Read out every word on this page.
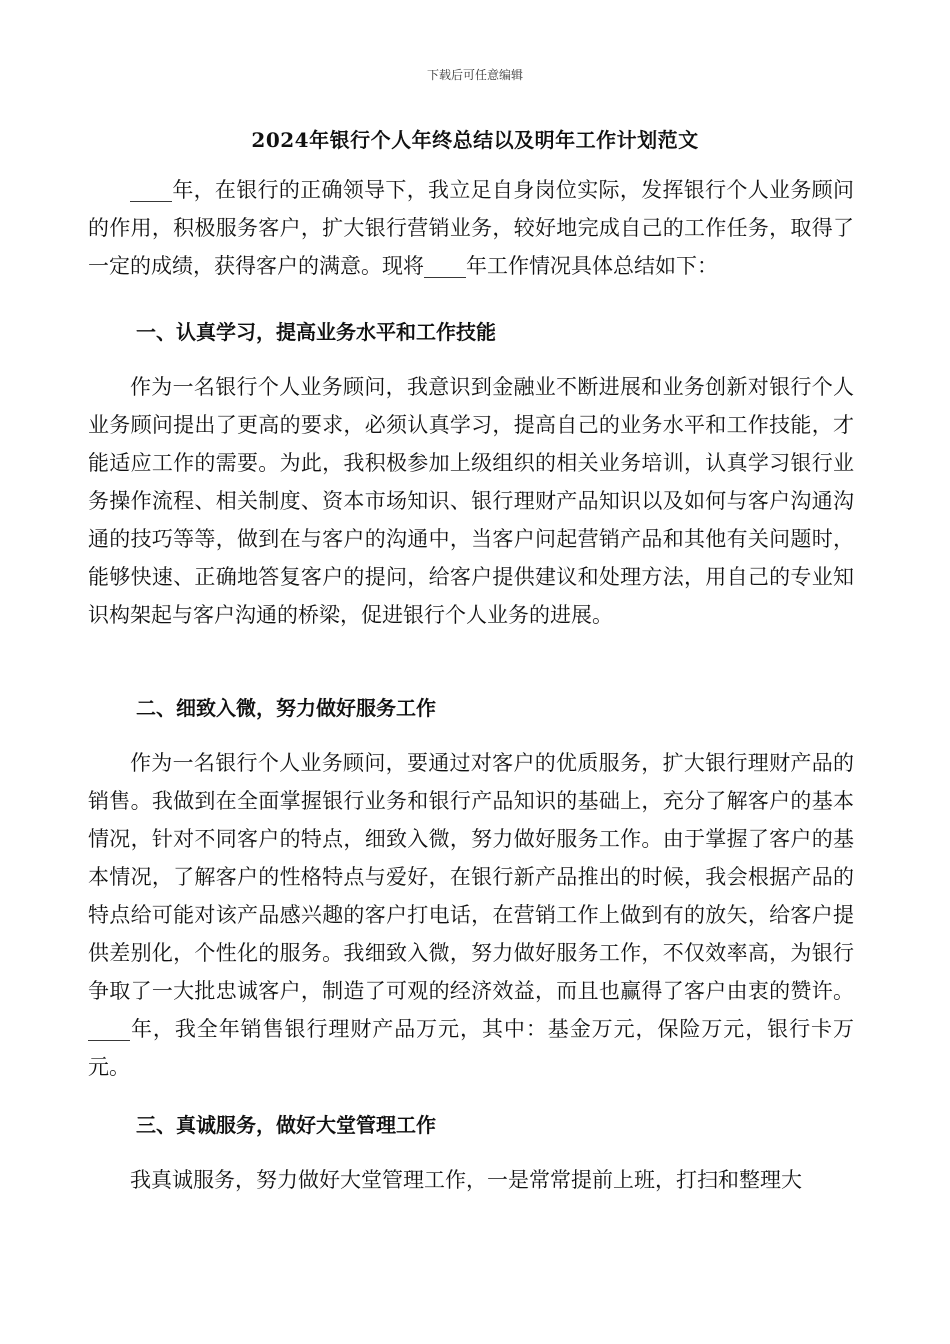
下载后可任意编辑
2024年银行个人年终总结以及明年工作计划范文

____年，在银行的正确领导下，我立足自身岗位实际，发挥银行个人业务顾问的作用，积极服务客户，扩大银行营销业务，较好地完成自己的工作任务，取得了一定的成绩，获得客户的满意。现将____年工作情况具体总结如下：

一、认真学习，提高业务水平和工作技能

作为一名银行个人业务顾问，我意识到金融业不断进展和业务创新对银行个人业务顾问提出了更高的要求，必须认真学习，提高自己的业务水平和工作技能，才能适应工作的需要。为此，我积极参加上级组织的相关业务培训，认真学习银行业务操作流程、相关制度、资本市场知识、银行理财产品知识以及如何与客户沟通沟通的技巧等等，做到在与客户的沟通中，当客户问起营销产品和其他有关问题时，能够快速、正确地答复客户的提问，给客户提供建议和处理方法，用自己的专业知识构架起与客户沟通的桥梁，促进银行个人业务的进展。

二、细致入微，努力做好服务工作

作为一名银行个人业务顾问，要通过对客户的优质服务，扩大银行理财产品的销售。我做到在全面掌握银行业务和银行产品知识的基础上，充分了解客户的基本情况，针对不同客户的特点，细致入微，努力做好服务工作。由于掌握了客户的基本情况，了解客户的性格特点与爱好，在银行新产品推出的时候，我会根据产品的特点给可能对该产品感兴趣的客户打电话，在营销工作上做到有的放矢，给客户提供差别化，个性化的服务。我细致入微，努力做好服务工作，不仅效率高，为银行争取了一大批忠诚客户，制造了可观的经济效益，而且也赢得了客户由衷的赞许。____年，我全年销售银行理财产品万元，其中：基金万元，保险万元，银行卡万元。

三、真诚服务，做好大堂管理工作

我真诚服务，努力做好大堂管理工作，一是常常提前上班，打扫和整理大
